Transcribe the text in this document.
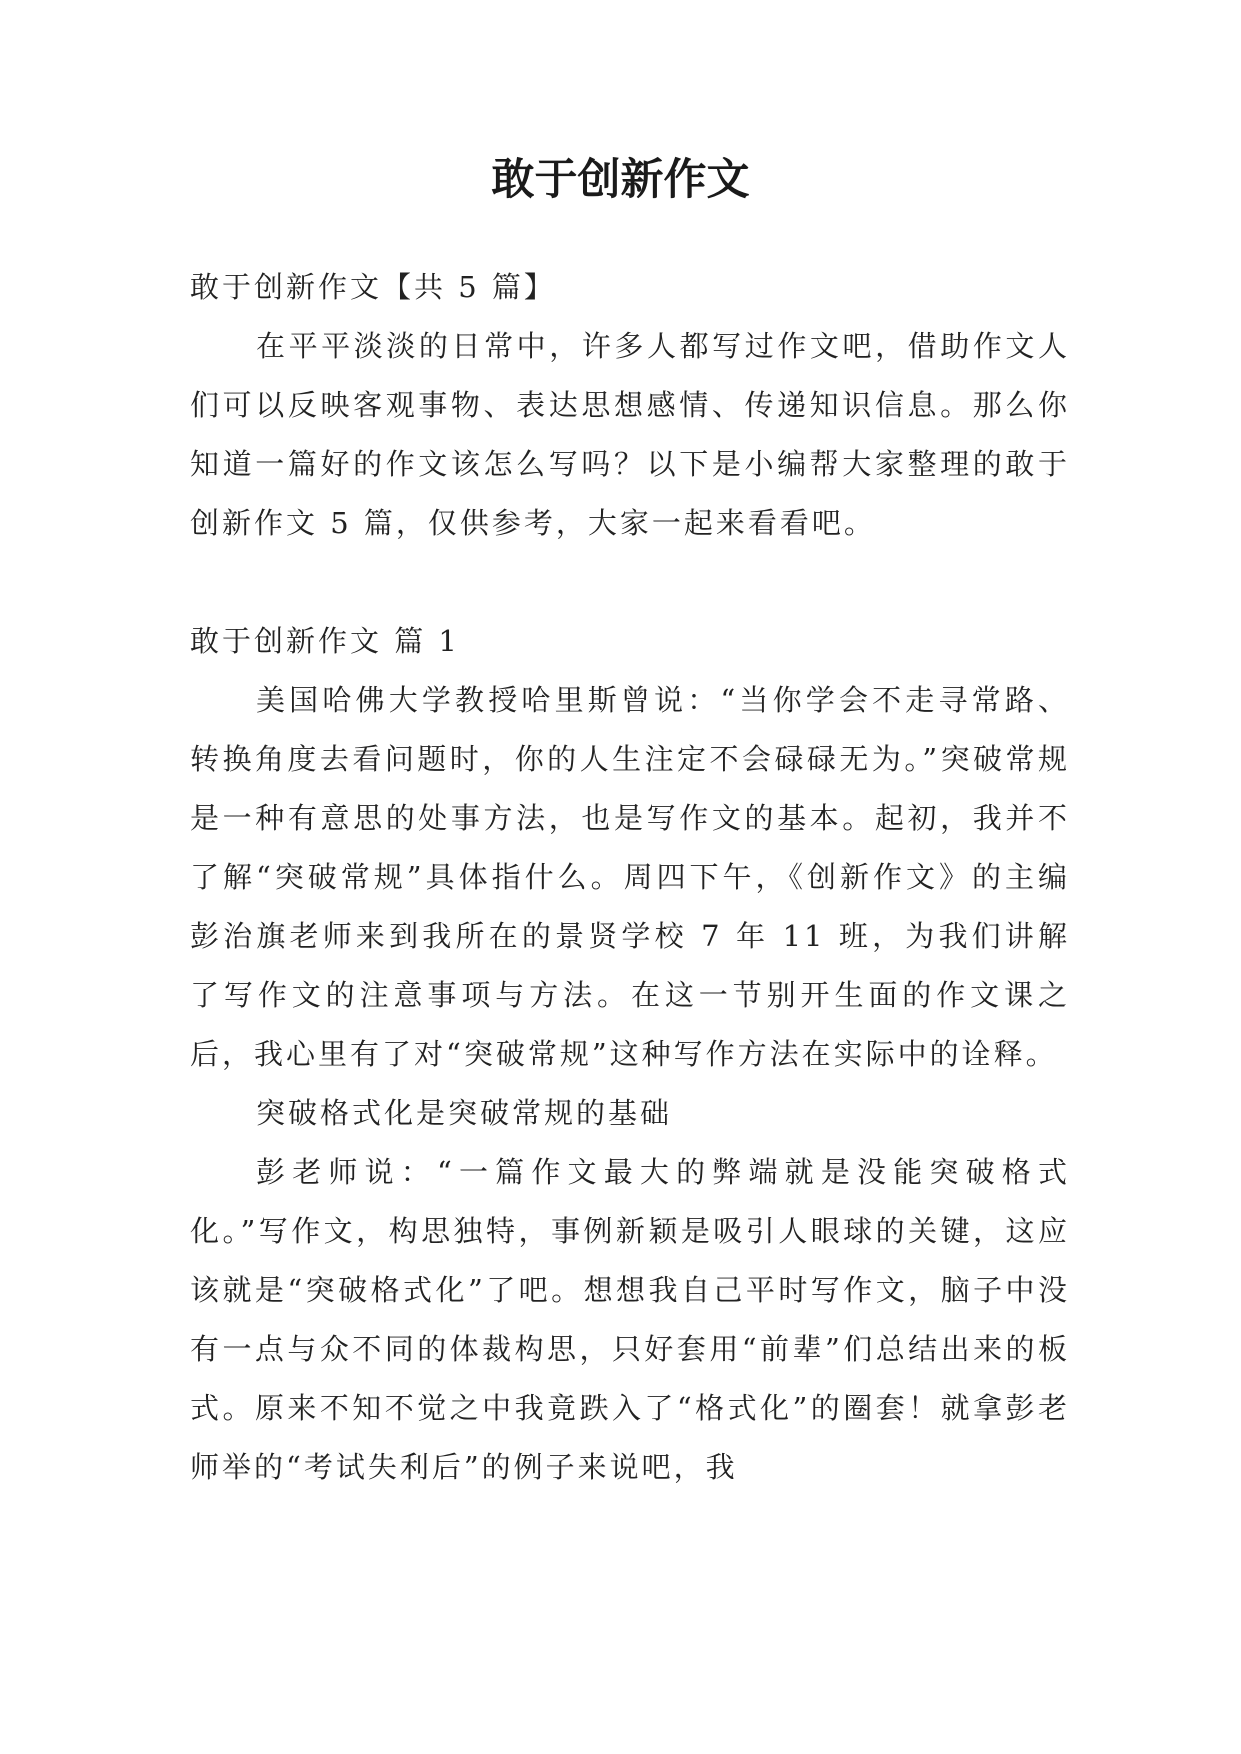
敢于创新作文

敢于创新作文【共 5 篇】

在平平淡淡的日常中，许多人都写过作文吧，借助作文人们可以反映客观事物、表达思想感情、传递知识信息。那么你知道一篇好的作文该怎么写吗？以下是小编帮大家整理的敢于创新作文 5 篇，仅供参考，大家一起来看看吧。

敢于创新作文 篇 1

美国哈佛大学教授哈里斯曾说：“当你学会不走寻常路、转换角度去看问题时，你的人生注定不会碌碌无为。”突破常规是一种有意思的处事方法，也是写作文的基本。起初，我并不了解“突破常规”具体指什么。周四下午，《创新作文》的主编彭治旗老师来到我所在的景贤学校 7 年 11 班，为我们讲解了写作文的注意事项与方法。在这一节别开生面的作文课之后，我心里有了对“突破常规”这种写作方法在实际中的诠释。

突破格式化是突破常规的基础

彭老师说：“一篇作文最大的弊端就是没能突破格式化。”写作文，构思独特，事例新颖是吸引人眼球的关键，这应该就是“突破格式化”了吧。想想我自己平时写作文，脑子中没有一点与众不同的体裁构思，只好套用“前辈”们总结出来的板式。原来不知不觉之中我竟跌入了“格式化”的圈套！就拿彭老师举的“考试失利后”的例子来说吧，我
